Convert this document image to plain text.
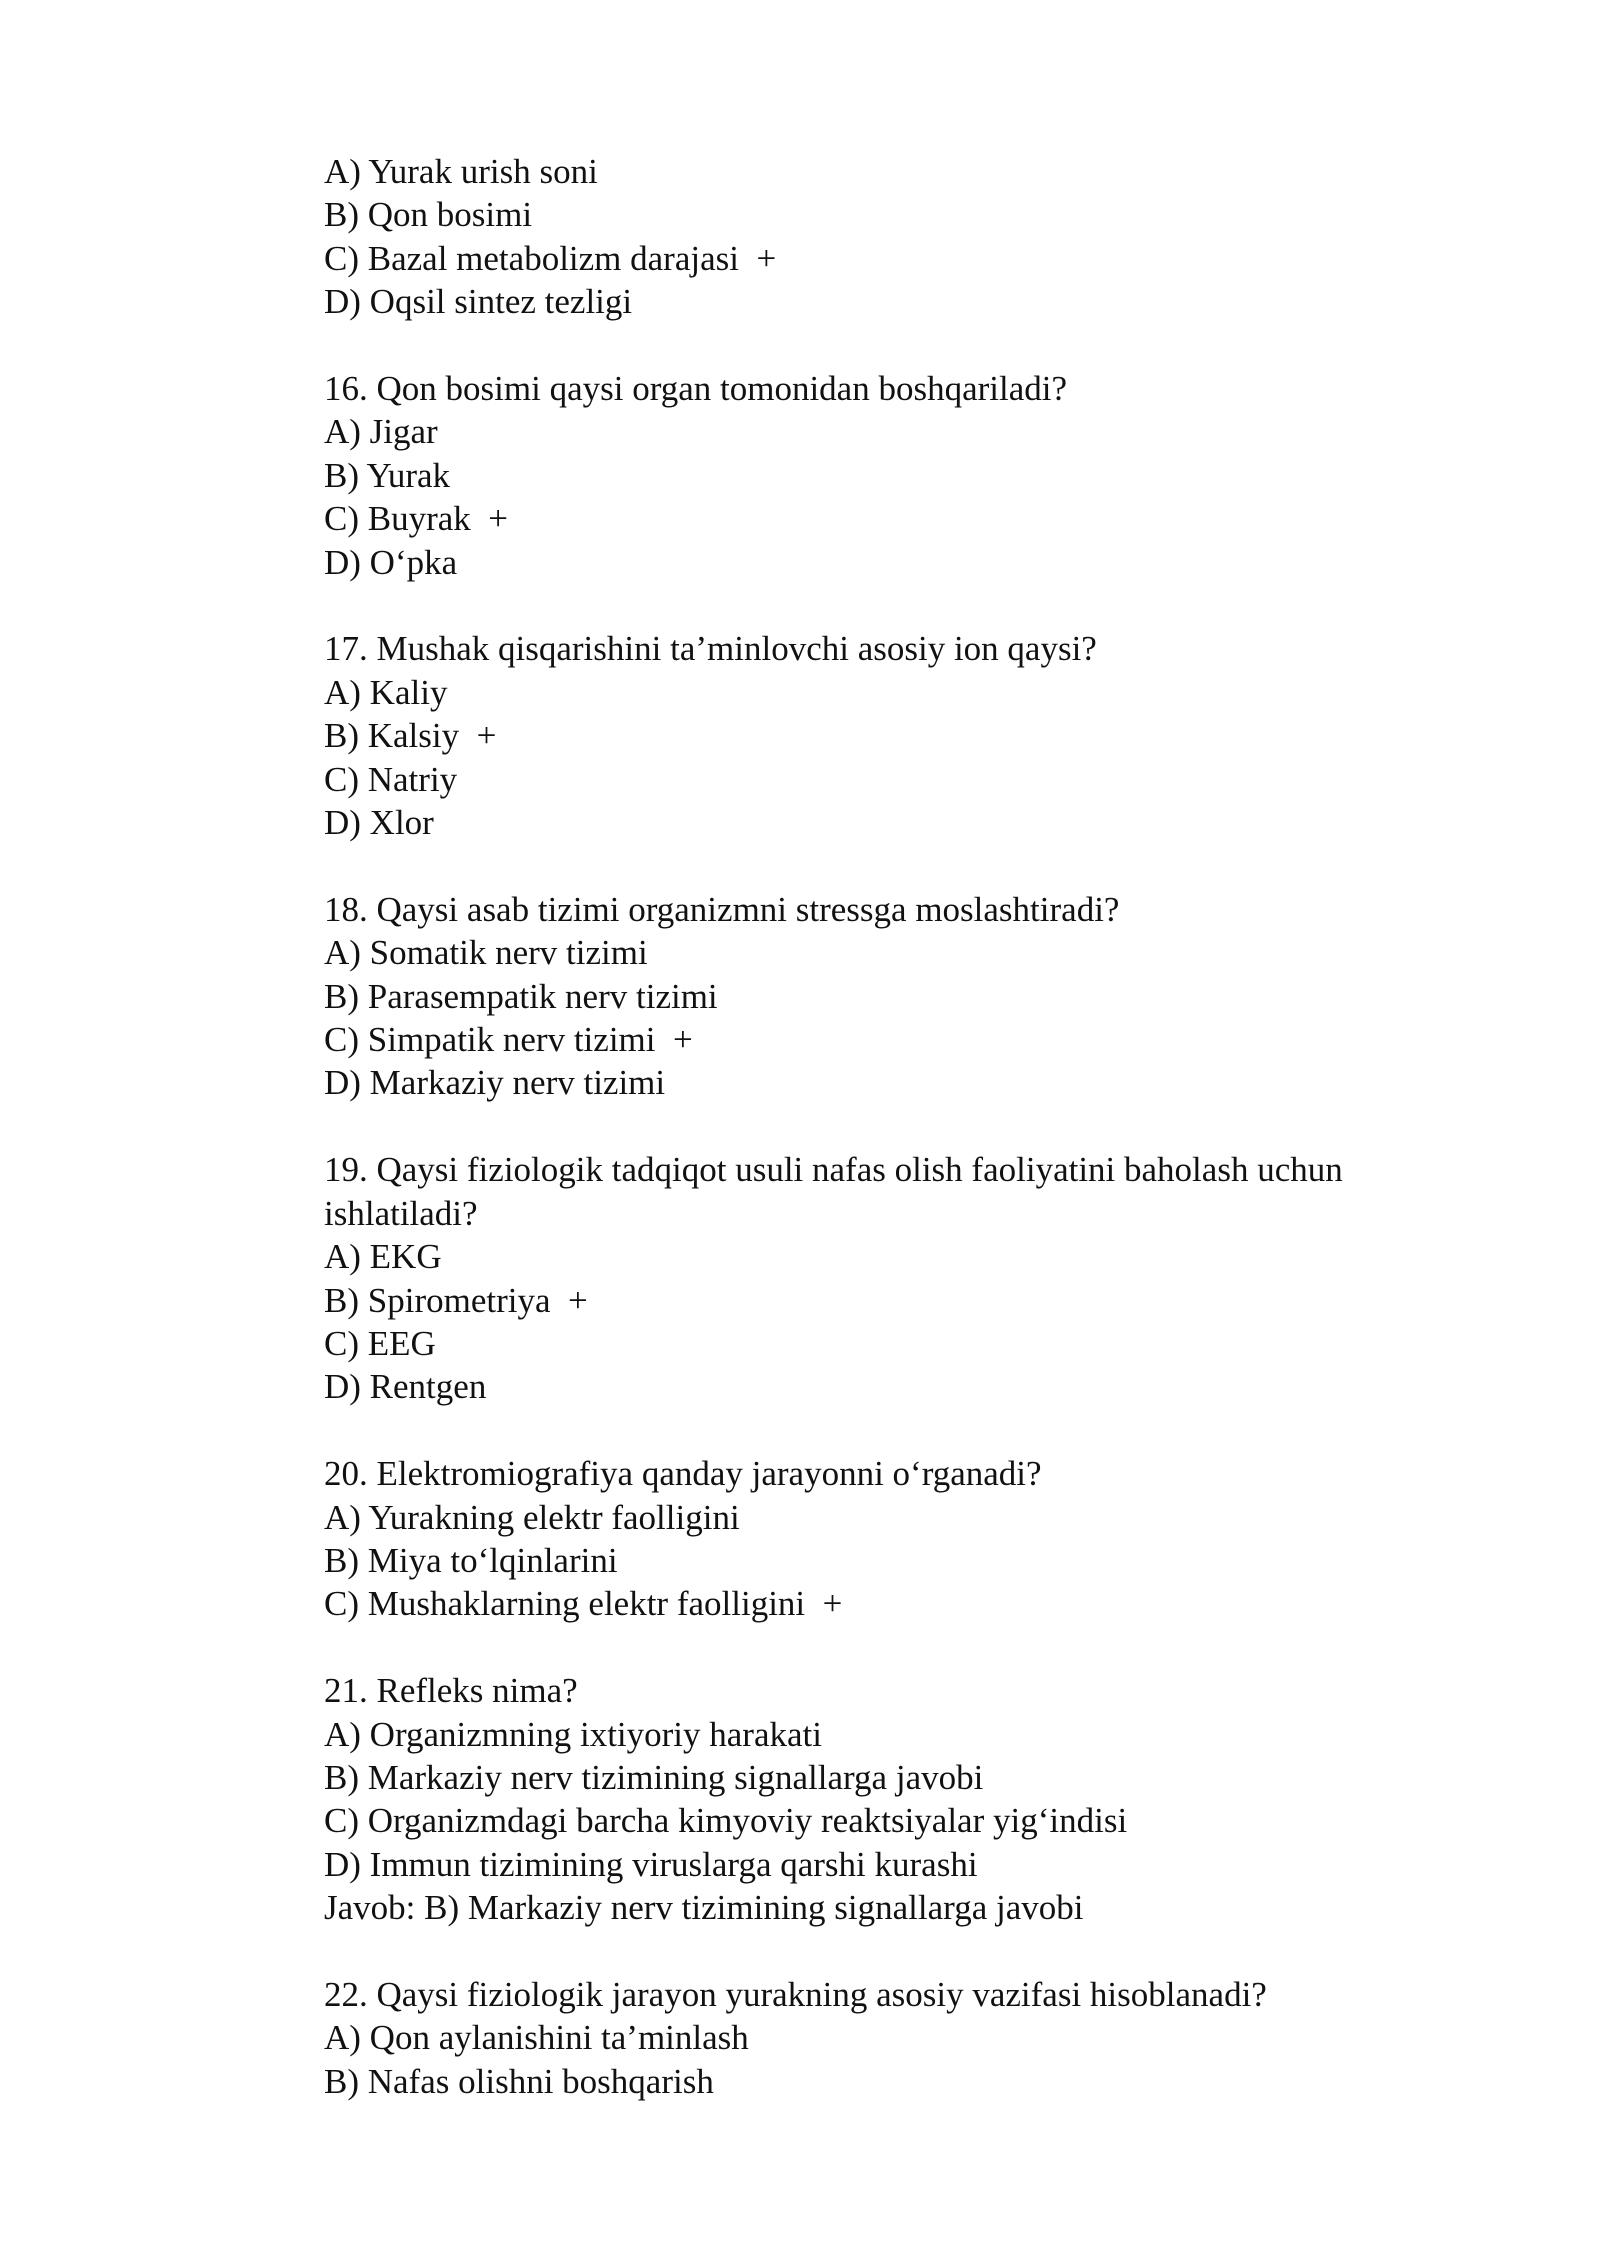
A) Yurak urish soni
B) Qon bosimi
C) Bazal metabolizm darajasi  +
D) Oqsil sintez tezligi
16. Qon bosimi qaysi organ tomonidan boshqariladi?
A) Jigar
B) Yurak
C) Buyrak  +
D) O‘pka
17. Mushak qisqarishini ta’minlovchi asosiy ion qaysi?
A) Kaliy
B) Kalsiy  +
C) Natriy
D) Xlor
18. Qaysi asab tizimi organizmni stressga moslashtiradi?
A) Somatik nerv tizimi
B) Parasempatik nerv tizimi
C) Simpatik nerv tizimi  +
D) Markaziy nerv tizimi
19. Qaysi fiziologik tadqiqot usuli nafas olish faoliyatini baholash uchun
ishlatiladi?
A) EKG
B) Spirometriya  +
C) EEG
D) Rentgen
20. Elektromiografiya qanday jarayonni o‘rganadi?
A) Yurakning elektr faolligini
B) Miya to‘lqinlarini
C) Mushaklarning elektr faolligini  +
21. Refleks nima?
A) Organizmning ixtiyoriy harakati
B) Markaziy nerv tizimining signallarga javobi
C) Organizmdagi barcha kimyoviy reaktsiyalar yig‘indisi
D) Immun tizimining viruslarga qarshi kurashi
Javob: B) Markaziy nerv tizimining signallarga javobi
22. Qaysi fiziologik jarayon yurakning asosiy vazifasi hisoblanadi?
A) Qon aylanishini ta’minlash
B) Nafas olishni boshqarish
